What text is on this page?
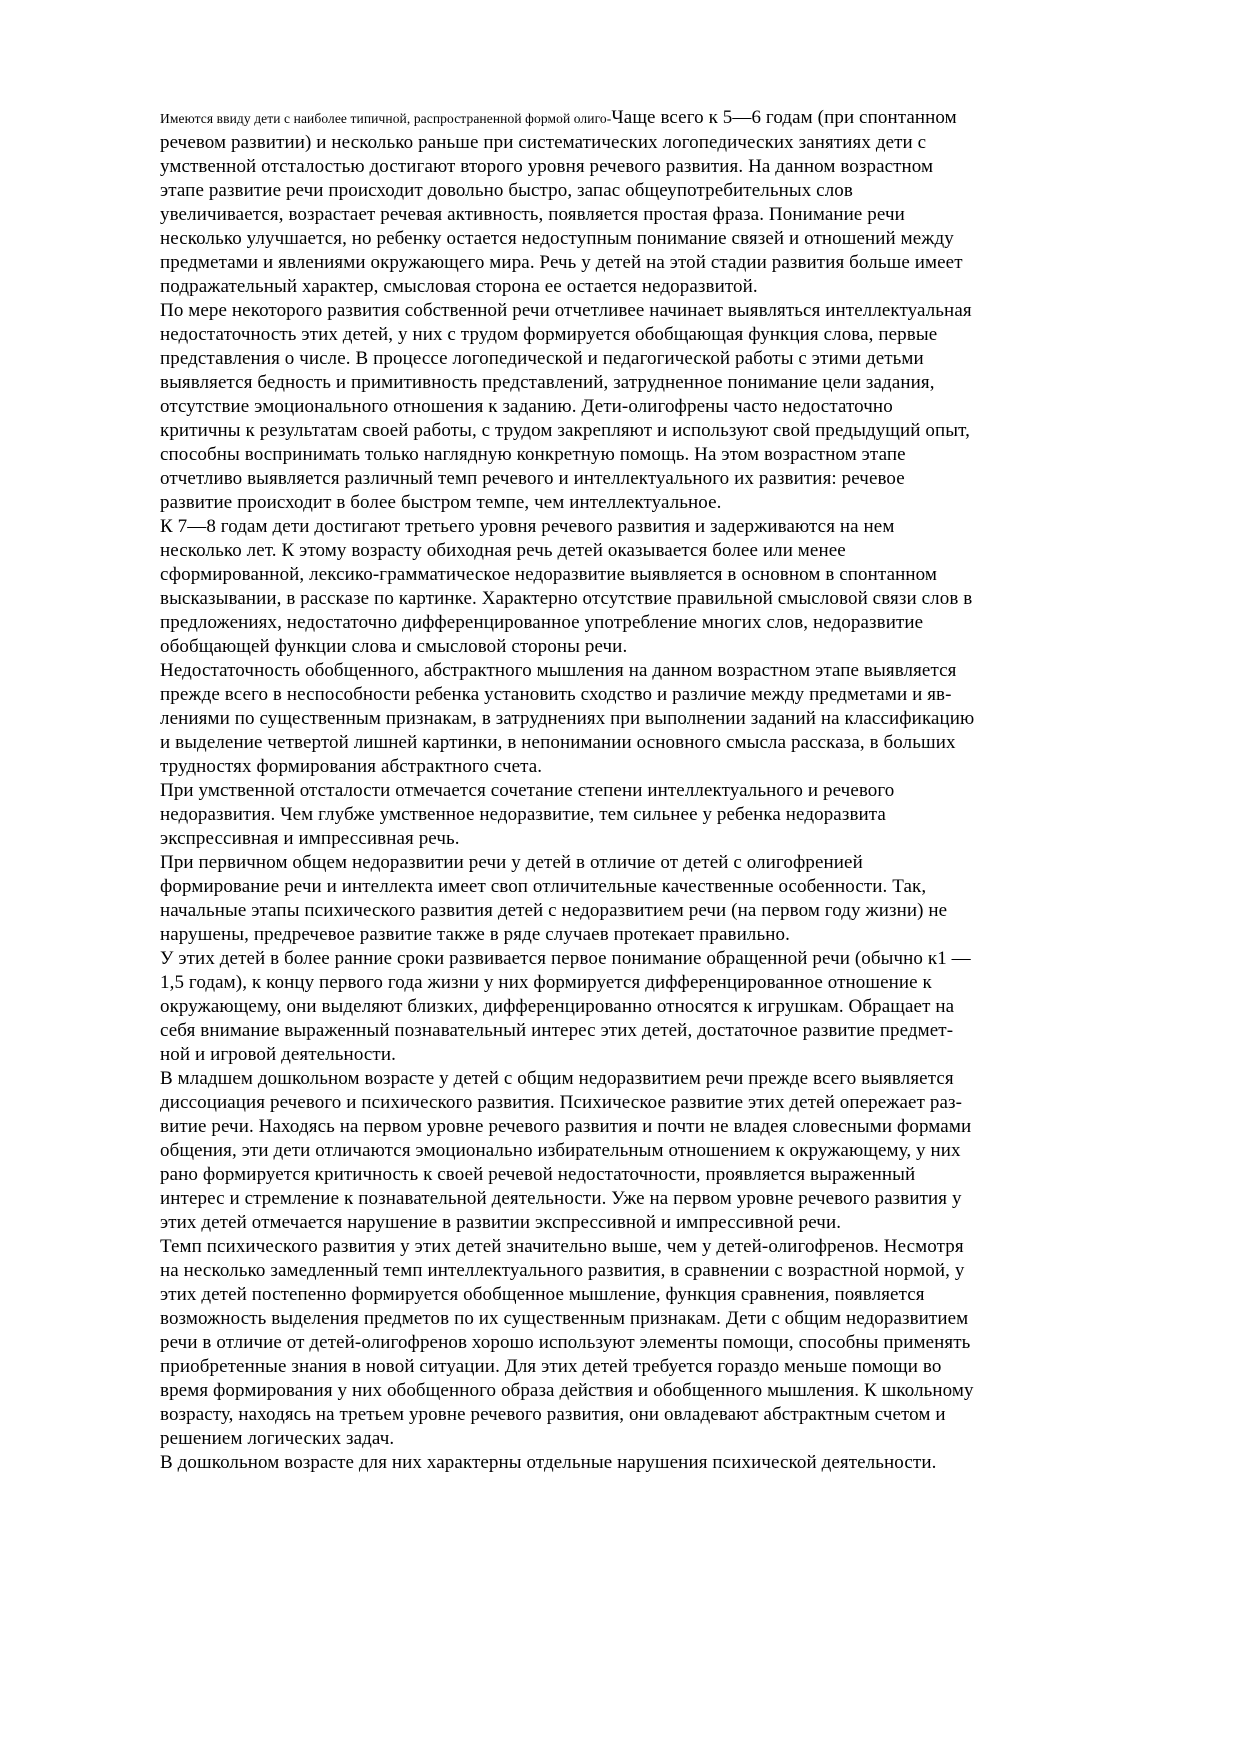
Имеются ввиду дети с наиболее типичной, распространенной формой олиго-Чаще всего к 5—6 годам (при спонтанном
речевом развитии) и несколько раньше при систематических логопедических занятиях дети с
умственной отсталостью достигают второго уровня речевого развития. На данном возрастном
этапе развитие речи происходит довольно быстро, запас общеупотребительных слов
увеличивается, возрастает речевая активность, появляется простая фраза. Понимание речи
несколько улучшается, но ребенку остается недоступным понимание связей и отношений между
предметами и явлениями окружающего мира. Речь у детей на этой стадии развития больше имеет
подражательный характер, смысловая сторона ее остается недоразвитой.
По мере некоторого развития собственной речи отчетливее начинает выявляться интеллектуальная
недостаточность этих детей, у них с трудом формируется обобщающая функция слова, первые
представления о числе. В процессе логопедической и педагогической работы с этими детьми
выявляется бедность и примитивность представлений, затрудненное понимание цели задания,
отсутствие эмоционального отношения к заданию. Дети-олигофрены часто недостаточно
критичны к результатам своей работы, с трудом закрепляют и используют свой предыдущий опыт,
способны воспринимать только наглядную конкретную помощь. На этом возрастном этапе
отчетливо выявляется различный темп речевого и интеллектуального их развития: речевое
развитие происходит в более быстром темпе, чем интеллектуальное.
К 7—8 годам дети достигают третьего уровня речевого развития и задерживаются на нем
несколько лет. К этому возрасту обиходная речь детей оказывается более или менее
сформированной, лексико-грамматическое недоразвитие выявляется в основном в спонтанном
высказывании, в рассказе по картинке. Характерно отсутствие правильной смысловой связи слов в
предложениях, недостаточно дифференцированное употребление многих слов, недоразвитие
обобщающей функции слова и смысловой стороны речи.
Недостаточность обобщенного, абстрактного мышления на данном возрастном этапе выявляется
прежде всего в неспособности ребенка установить сходство и различие между предметами и яв-
лениями по существенным признакам, в затруднениях при выполнении заданий на классификацию
и выделение четвертой лишней картинки, в непонимании основного смысла рассказа, в больших
трудностях формирования абстрактного счета.
При умственной отсталости отмечается сочетание степени интеллектуального и речевого
недоразвития. Чем глубже умственное недоразвитие, тем сильнее у ребенка недоразвита
экспрессивная и импрессивная речь.
При первичном общем недоразвитии речи у детей в отличие от детей с олигофренией
формирование речи и интеллекта имеет своп отличительные качественные особенности. Так,
начальные этапы психического развития детей с недоразвитием речи (на первом году жизни) не
нарушены, предречевое развитие также в ряде случаев протекает правильно.
У этих детей в более ранние сроки развивается первое понимание обращенной речи (обычно к1 —
1,5 годам), к концу первого года жизни у них формируется дифференцированное отношение к
окружающему, они выделяют близких, дифференцированно относятся к игрушкам. Обращает на
себя внимание выраженный познавательный интерес этих детей, достаточное развитие предмет-
ной и игровой деятельности.
В младшем дошкольном возрасте у детей с общим недоразвитием речи прежде всего выявляется
диссоциация речевого и психического развития. Психическое развитие этих детей опережает раз-
витие речи. Находясь на первом уровне речевого развития и почти не владея словесными формами
общения, эти дети отличаются эмоционально избирательным отношением к окружающему, у них
рано формируется критичность к своей речевой недостаточности, проявляется выраженный
интерес и стремление к познавательной деятельности. Уже на первом уровне речевого развития у
этих детей отмечается нарушение в развитии экспрессивной и импрессивной речи.
Темп психического развития у этих детей значительно выше, чем у детей-олигофренов. Несмотря
на несколько замедленный темп интеллектуального развития, в сравнении с возрастной нормой, у
этих детей постепенно формируется обобщенное мышление, функция сравнения, появляется
возможность выделения предметов по их существенным признакам. Дети с общим недоразвитием
речи в отличие от детей-олигофренов хорошо используют элементы помощи, способны применять
приобретенные знания в новой ситуации. Для этих детей требуется гораздо меньше помощи во
время формирования у них обобщенного образа действия и обобщенного мышления. К школьному
возрасту, находясь на третьем уровне речевого развития, они овладевают абстрактным счетом и
решением логических задач.
В дошкольном возрасте для них характерны отдельные нарушения психической деятельности.
